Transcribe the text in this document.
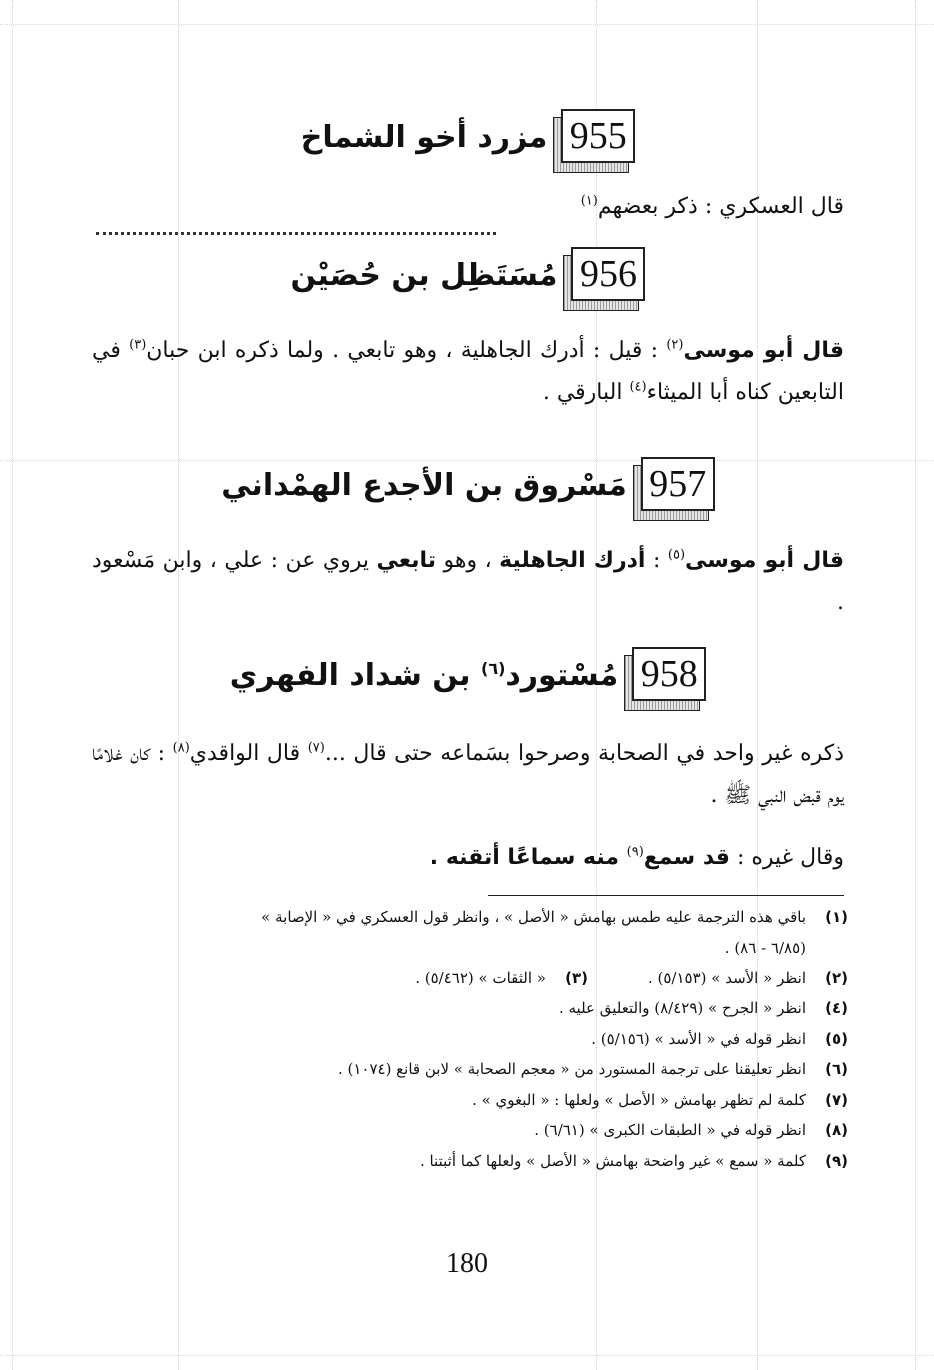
955
مزرد أخو الشماخ
قال العسكري : ذكر بعضهم$^{(١)}$
956
مُسَتَظِل بن حُصَيْن
قال أبو موسى$^{(٢)}$ : قيل : أدرك الجاهلية ، وهو تابعي . ولما ذكره ابن حبان$^{(٣)}$ في التابعين كناه أبا الميثاء$^{(٤)}$ البارقي .
957
مَسْروق بن الأجدع الهمْداني
قال أبو موسى$^{(٥)}$ : أدرك الجاهلية ، وهو تابعي يروي عن : علي ، وابن مَسْعود .
958
مُسْتورد$^{(٦)}$ بن شداد الفهري
ذكره غير واحد في الصحابة وصرحوا بسَماعه حتى قال ...$^{(٧)}$ قال الواقدي$^{(٨)}$ : كان غلامًا يوم قبض النبي ﷺ .
وقال غيره : قد سمع$^{(٩)}$ منه سماعًا أتقنه .
(١)
باقي هذه الترجمة عليه طمس بهامش « الأصل » ، وانظر قول العسكري في « الإصابة »
(٦/٨٥ - ٨٦) .
(٢)
انظر « الأسد » (٥/١٥٣) .
(٣)
« الثقات » (٥/٤٦٢) .
(٤)
انظر « الجرح » (٨/٤٢٩) والتعليق عليه .
(٥)
انظر قوله في « الأسد » (٥/١٥٦) .
(٦)
انظر تعليقنا على ترجمة المستورد من « معجم الصحابة » لابن قانع (١٠٧٤) .
(٧)
كلمة لم تظهر بهامش « الأصل » ولعلها : « البغوي » .
(٨)
انظر قوله في « الطبقات الكبرى » (٦/٦١) .
(٩)
كلمة « سمع » غير واضحة بهامش « الأصل » ولعلها كما أثبتنا .
180
